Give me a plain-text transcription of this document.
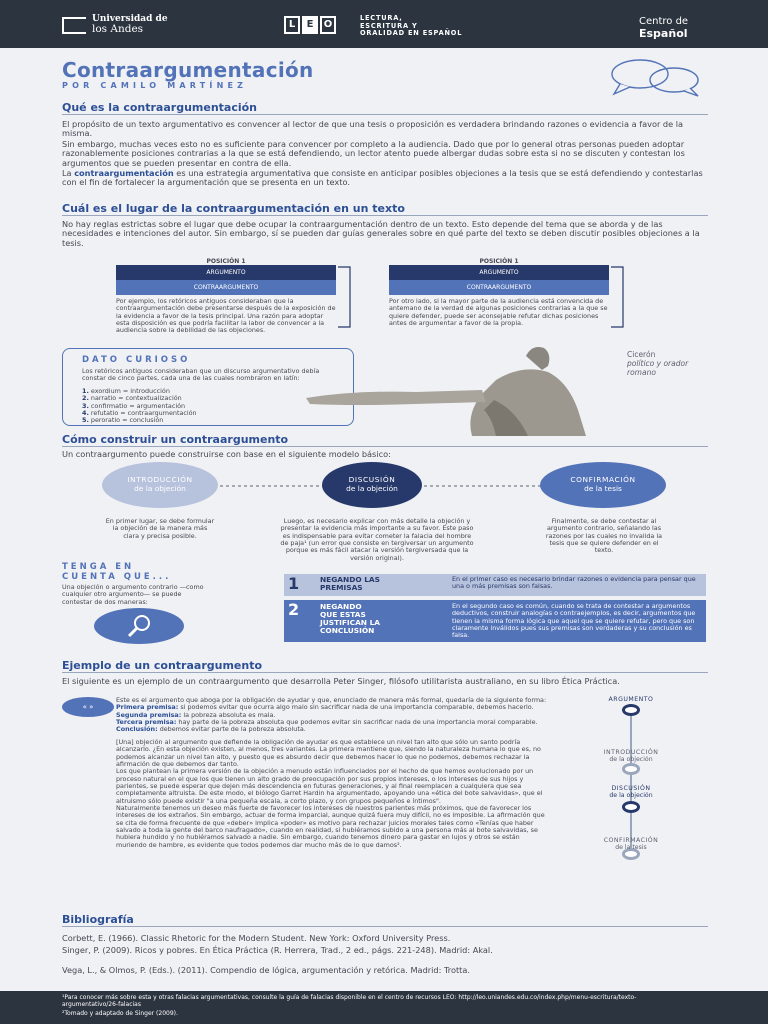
Universidad de
los Andes	L	E	O
LECTURA,
ESCRITURA Y
ORALIDAD EN ESPAÑOL
Centro de
Español
Contraargumentación
POR CAMILO MARTÍNEZ
Qué es la contraargumentación
El propósito de un texto argumentativo es convencer al lector de que una tesis o proposición es verdadera brindando razones o evidencia a favor de la misma.
Sin embargo, muchas veces esto no es suficiente para convencer por completo a la audiencia. Dado que por lo general otras personas pueden adoptar razonablemente posiciones contrarias a la que se está defendiendo, un lector atento puede albergar dudas sobre esta si no se discuten y contestan los argumentos que se pueden presentar en contra de ella.
La contraargumentación es una estrategia argumentativa que consiste en anticipar posibles objeciones a la tesis que se está defendiendo y contestarlas con el fin de fortalecer la argumentación que se presenta en un texto.
Cuál es el lugar de la contraargumentación en un texto
No hay reglas estrictas sobre el lugar que debe ocupar la contraargumentación dentro de un texto. Esto depende del tema que se aborda y de las necesidades e intenciones del autor. Sin embargo, sí se pueden dar guías generales sobre en qué parte del texto se deben discutir posibles objeciones a la tesis.
POSICIÓN 1
ARGUMENTO
CONTRAARGUMENTO
Por ejemplo, los retóricos antiguos consideraban que la contraargumentación debe presentarse después de la exposición de la evidencia a favor de la tesis principal. Una razón para adoptar esta disposición es que podría facilitar la labor de convencer a la audiencia sobre la debilidad de las objeciones.
POSICIÓN 1
ARGUMENTO
CONTRAARGUMENTO
Por otro lado, si la mayor parte de la audiencia está convencida de antemano de la verdad de algunas posiciones contrarias a la que se quiere defender, puede ser aconsejable refutar dichas posiciones antes de argumentar a favor de la propia.
DATO CURIOSO
Los retóricos antiguos consideraban que un discurso argumentativo debía constar de cinco partes, cada una de las cuales nombraron en latín:
1. exordium = introducción
2. narratio = contextualización
3. confirmatio = argumentación
4. refutatio = contraargumentación
5. peroratio = conclusión
Cicerón
político y orador
romano
Cómo construir un contraargumento
Un contraargumento puede construirse con base en el siguiente modelo básico:
INTRODUCCIÓN
de la objeción
DISCUSIÓN
de la objeción
CONFIRMACIÓN
de la tesis
En primer lugar, se debe formular la objeción de la manera más clara y precisa posible.
Luego, es necesario explicar con más detalle la objeción y presentar la evidencia más importante a su favor. Este paso es indispensable para evitar cometer la falacia del hombre de paja¹ (un error que consiste en tergiversar un argumento porque es más fácil atacar la versión tergiversada que la versión original).
Finalmente, se debe contestar al argumento contrario, señalando las razones por las cuales no invalida la tesis que se quiere defender en el texto.
TENGA EN
CUENTA QUE...
Una objeción o argumento contrario —como cualquier otro argumento— se puede contestar de dos maneras:
1	NEGANDO LAS
PREMISAS
En el primer caso es necesario brindar razones o evidencia para pensar que una o más premisas son falsas.
2	NEGANDO
QUE ESTAS
JUSTIFICAN LA
CONCLUSIÓN
En el segundo caso es común, cuando se trata de contestar a argumentos deductivos, construir analogías o contraejemplos, es decir, argumentos que tienen la misma forma lógica que aquel que se quiere refutar, pero que son claramente inválidos pues sus premisas son verdaderas y su conclusión es falsa.
Ejemplo de un contraargumento
El siguiente es un ejemplo de un contraargumento que desarrolla Peter Singer, filósofo utilitarista australiano, en su libro Ética Práctica.
« »
Este es el argumento que aboga por la obligación de ayudar y que, enunciado de manera más formal, quedaría de la siguiente forma:
Primera premisa: si podemos evitar que ocurra algo malo sin sacrificar nada de una importancia comparable, debemos hacerlo.
Segunda premisa: la pobreza absoluta es mala.
Tercera premisa: hay parte de la pobreza absoluta que podemos evitar sin sacrificar nada de una importancia moral comparable.
Conclusión: debemos evitar parte de la pobreza absoluta.
[Una] objeción al argumento que defiende la obligación de ayudar es que establece un nivel tan alto que sólo un santo podría alcanzarlo. ¿En esta objeción existen, al menos, tres variantes. La primera mantiene que, siendo la naturaleza humana lo que es, no podemos alcanzar un nivel tan alto, y puesto que es absurdo decir que debemos hacer lo que no podemos, debemos rechazar la afirmación de que debemos dar tanto.
Los que plantean la primera versión de la objeción a menudo están influenciados por el hecho de que hemos evolucionado por un proceso natural en el que los que tienen un alto grado de preocupación por sus propios intereses, o los intereses de sus hijos y parientes, se puede esperar que dejen más descendencia en futuras generaciones, y al final reemplacen a cualquiera que sea completamente altruista. De este modo, el biólogo Garret Hardin ha argumentado, apoyando una «ética del bote salvavidas», que el altruismo sólo puede existir "a una pequeña escala, a corto plazo, y con grupos pequeños e íntimos".
Naturalmente tenemos un deseo más fuerte de favorecer los intereses de nuestros parientes más próximos, que de favorecer los intereses de los extraños. Sin embargo, actuar de forma imparcial, aunque quizá fuera muy difícil, no es imposible. La afirmación que se cita de forma frecuente de que «deber» implica «poder» es motivo para rechazar juicios morales tales como «Tenías que haber salvado a toda la gente del barco naufragado», cuando en realidad, si hubiéramos subido a una persona más al bote salvavidas, se hubiera hundido y no hubiéramos salvado a nadie. Sin embargo, cuando tenemos dinero para gastar en lujos y otros se están muriendo de hambre, es evidente que todos podemos dar mucho más de lo que damos².
ARGUMENTO
INTRODUCCIÓN
de la objeción
DISCUSIÓN
de la objeción
CONFIRMACIÓN
de la tesis
Bibliografía
Corbett, E. (1966). Classic Rhetoric for the Modern Student. New York: Oxford University Press.
Singer, P. (2009). Ricos y pobres. En Ética Práctica (R. Herrera, Trad., 2 ed., págs. 221-248). Madrid: Akal.
Vega, L., & Olmos, P. (Eds.). (2011). Compendio de lógica, argumentación y retórica. Madrid: Trotta.
¹Para conocer más sobre esta y otras falacias argumentativas, consulte la guía de falacias disponible en el centro de recursos LEO: http://leo.uniandes.edu.co/index.php/menu-escritura/texto-argumentativo/26-falacias
²Tomado y adaptado de Singer (2009).
